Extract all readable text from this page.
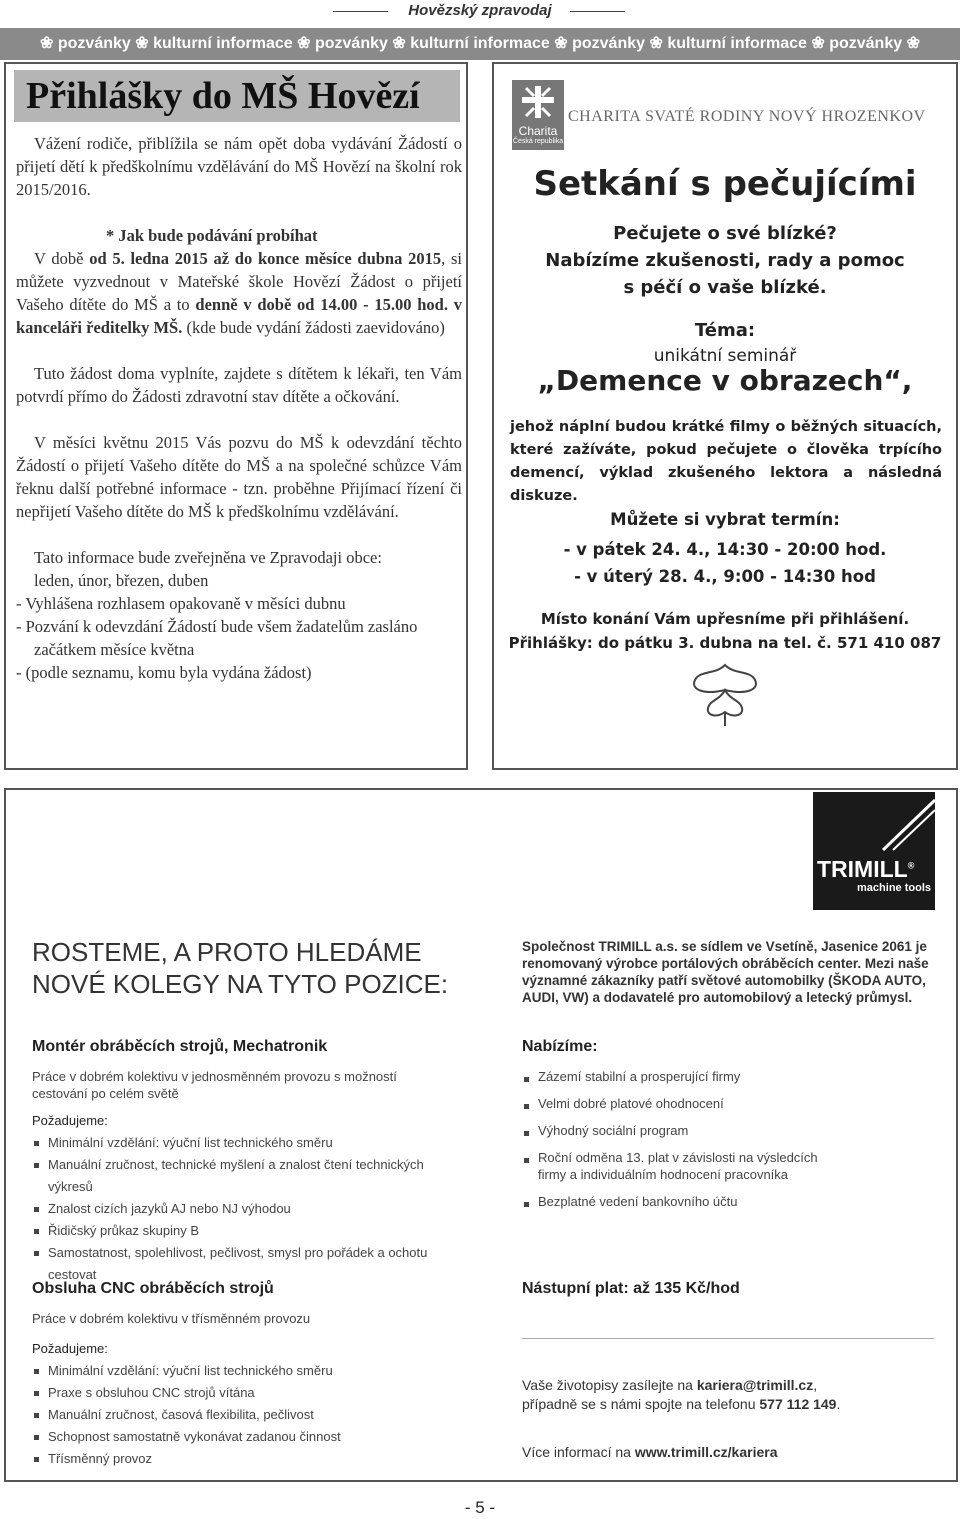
Hovězský zpravodaj
❀ pozvánky ❀ kulturní informace ❀ pozvánky ❀ kulturní informace ❀ pozvánky ❀ kulturní informace ❀ pozvánky ❀
Přihlášky do MŠ Hovězí

Vážení rodiče, přiblížila se nám opět doba vydávání Žádostí o přijetí dětí k předškolnímu vzdělávání do MŠ Hovězí na školní rok 2015/2016.

* Jak bude podávání probíhat

V době od 5. ledna 2015 až do konce měsíce dubna 2015, si můžete vyzvednout v Mateřské škole Hovězí Žádost o přijetí Vašeho dítěte do MŠ a to denně v době od 14.00 - 15.00 hod. v kanceláři ředitelky MŠ. (kde bude vydání žádosti zaevidováno)

Tuto žádost doma vyplníte, zajdete s dítětem k lékaři, ten Vám potvrdí přímo do Žádosti zdravotní stav dítěte a očkování.

V měsíci květnu 2015 Vás pozvu do MŠ k odevzdání těchto Žádostí o přijetí Vašeho dítěte do MŠ a na společné schůzce Vám řeknu další potřebné informace - tzn. proběhne Přijímací řízení či nepřijetí Vašeho dítěte do MŠ k předškolnímu vzdělávání.

Tato informace bude zveřejněna ve Zpravodaji obce:

leden, únor, březen, duben

- Vyhlášena rozhlasem opakovaně v měsíci dubnu

- Pozvání k odevzdání Žádostí bude všem žadatelům zasláno začátkem měsíce května

- (podle seznamu, komu byla vydána žádost)

Charita
Česká republika
CHARITA SVATÉ RODINY NOVÝ HROZENKOV
Setkání s pečujícími
Pečujete o své blízké?
Nabízíme zkušenosti, rady a pomoc
s péčí o vaše blízké.
Téma:
unikátní seminář
„Demence v obrazech“,
jehož náplní budou krátké filmy o běžných situacích, které zažíváte, pokud pečujete o člověka trpícího demencí, výklad zkušeného lektora a následná diskuze.
Můžete si vybrat termín:
- v pátek 24. 4., 14:30 - 20:00 hod.
- v úterý 28. 4., 9:00 - 14:30 hod
Místo konání Vám upřesníme při přihlášení.
Přihlášky: do pátku 3. dubna na tel. č. 571 410 087
TRIMILL®
machine tools
ROSTEME, A PROTO HLEDÁME
NOVÉ KOLEGY NA TYTO POZICE:
Společnost TRIMILL a.s. se sídlem ve Vsetíně, Jasenice 2061 je renomovaný výrobce portálových obráběcích center. Mezi naše významné zákazníky patří světové automobilky (ŠKODA AUTO, AUDI, VW) a dodavatelé pro automobilový a letecký průmysl.
Montér obráběcích strojů, Mechatronik
Práce v dobrém kolektivu v jednosměnném provozu s možností cestování po celém světě
Požadujeme:
Minimální vzdělání: výuční list technického směru
Manuální zručnost, technické myšlení a znalost čtení technických výkresů
Znalost cizích jazyků AJ nebo NJ výhodou
Řidičský průkaz skupiny B
Samostatnost, spolehlivost, pečlivost, smysl pro pořádek a ochotu cestovat
Nabízíme:
Zázemí stabilní a prosperující firmy
Velmi dobré platové ohodnocení
Výhodný sociální program
Roční odměna 13. plat v závislosti na výsledcích firmy a individuálním hodnocení pracovníka
Bezplatné vedení bankovního účtu
Obsluha CNC obráběcích strojů
Práce v dobrém kolektivu v třísměnném provozu
Požadujeme:
Minimální vzdělání: výuční list technického směru
Praxe s obsluhou CNC strojů vítána
Manuální zručnost, časová flexibilita, pečlivost
Schopnost samostatně vykonávat zadanou činnost
Třísměnný provoz
Nástupní plat: až 135 Kč/hod
Vaše životopisy zasílejte na kariera@trimill.cz,
případně se s námi spojte na telefonu 577 112 149.
Více informací na www.trimill.cz/kariera
- 5 -
